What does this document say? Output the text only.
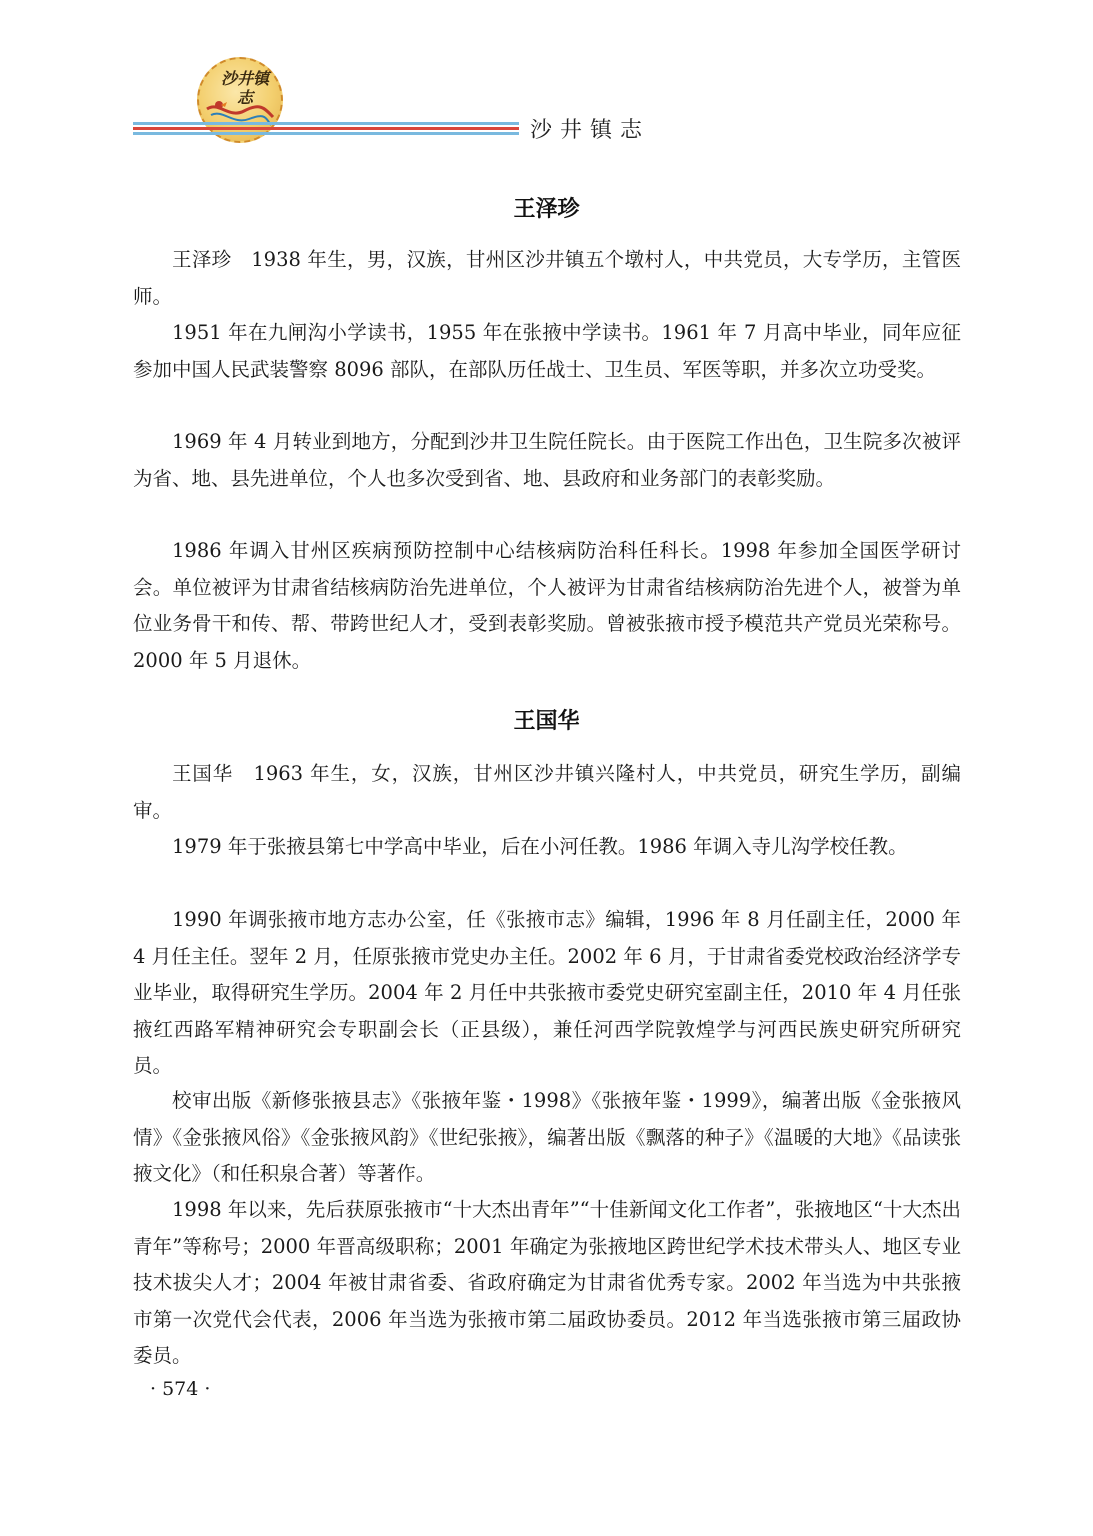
沙井镇志
沙井镇志
王泽珍

王泽珍　1938 年生，男，汉族，甘州区沙井镇五个墩村人，中共党员，大专学历，主管医师。

1951 年在九闸沟小学读书，1955 年在张掖中学读书。1961 年 7 月高中毕业，同年应征参加中国人民武装警察 8096 部队，在部队历任战士、卫生员、军医等职，并多次立功受奖。

1969 年 4 月转业到地方，分配到沙井卫生院任院长。由于医院工作出色，卫生院多次被评为省、地、县先进单位，个人也多次受到省、地、县政府和业务部门的表彰奖励。

1986 年调入甘州区疾病预防控制中心结核病防治科任科长。1998 年参加全国医学研讨会。单位被评为甘肃省结核病防治先进单位，个人被评为甘肃省结核病防治先进个人，被誉为单位业务骨干和传、帮、带跨世纪人才，受到表彰奖励。曾被张掖市授予模范共产党员光荣称号。2000 年 5 月退休。

王国华

王国华　1963 年生，女，汉族，甘州区沙井镇兴隆村人，中共党员，研究生学历，副编审。

1979 年于张掖县第七中学高中毕业，后在小河任教。1986 年调入寺儿沟学校任教。

1990 年调张掖市地方志办公室，任《张掖市志》编辑，1996 年 8 月任副主任，2000 年 4 月任主任。翌年 2 月，任原张掖市党史办主任。2002 年 6 月，于甘肃省委党校政治经济学专业毕业，取得研究生学历。2004 年 2 月任中共张掖市委党史研究室副主任，2010 年 4 月任张掖红西路军精神研究会专职副会长（正县级），兼任河西学院敦煌学与河西民族史研究所研究员。

校审出版《新修张掖县志》《张掖年鉴・1998》《张掖年鉴・1999》，编著出版《金张掖风情》《金张掖风俗》《金张掖风韵》《世纪张掖》，编著出版《飘落的种子》《温暖的大地》《品读张掖文化》（和任积泉合著）等著作。

1998 年以来，先后获原张掖市“十大杰出青年”“十佳新闻文化工作者”，张掖地区“十大杰出青年”等称号；2000 年晋高级职称；2001 年确定为张掖地区跨世纪学术技术带头人、地区专业技术拔尖人才；2004 年被甘肃省委、省政府确定为甘肃省优秀专家。2002 年当选为中共张掖市第一次党代会代表，2006 年当选为张掖市第二届政协委员。2012 年当选张掖市第三届政协委员。

· 574 ·
